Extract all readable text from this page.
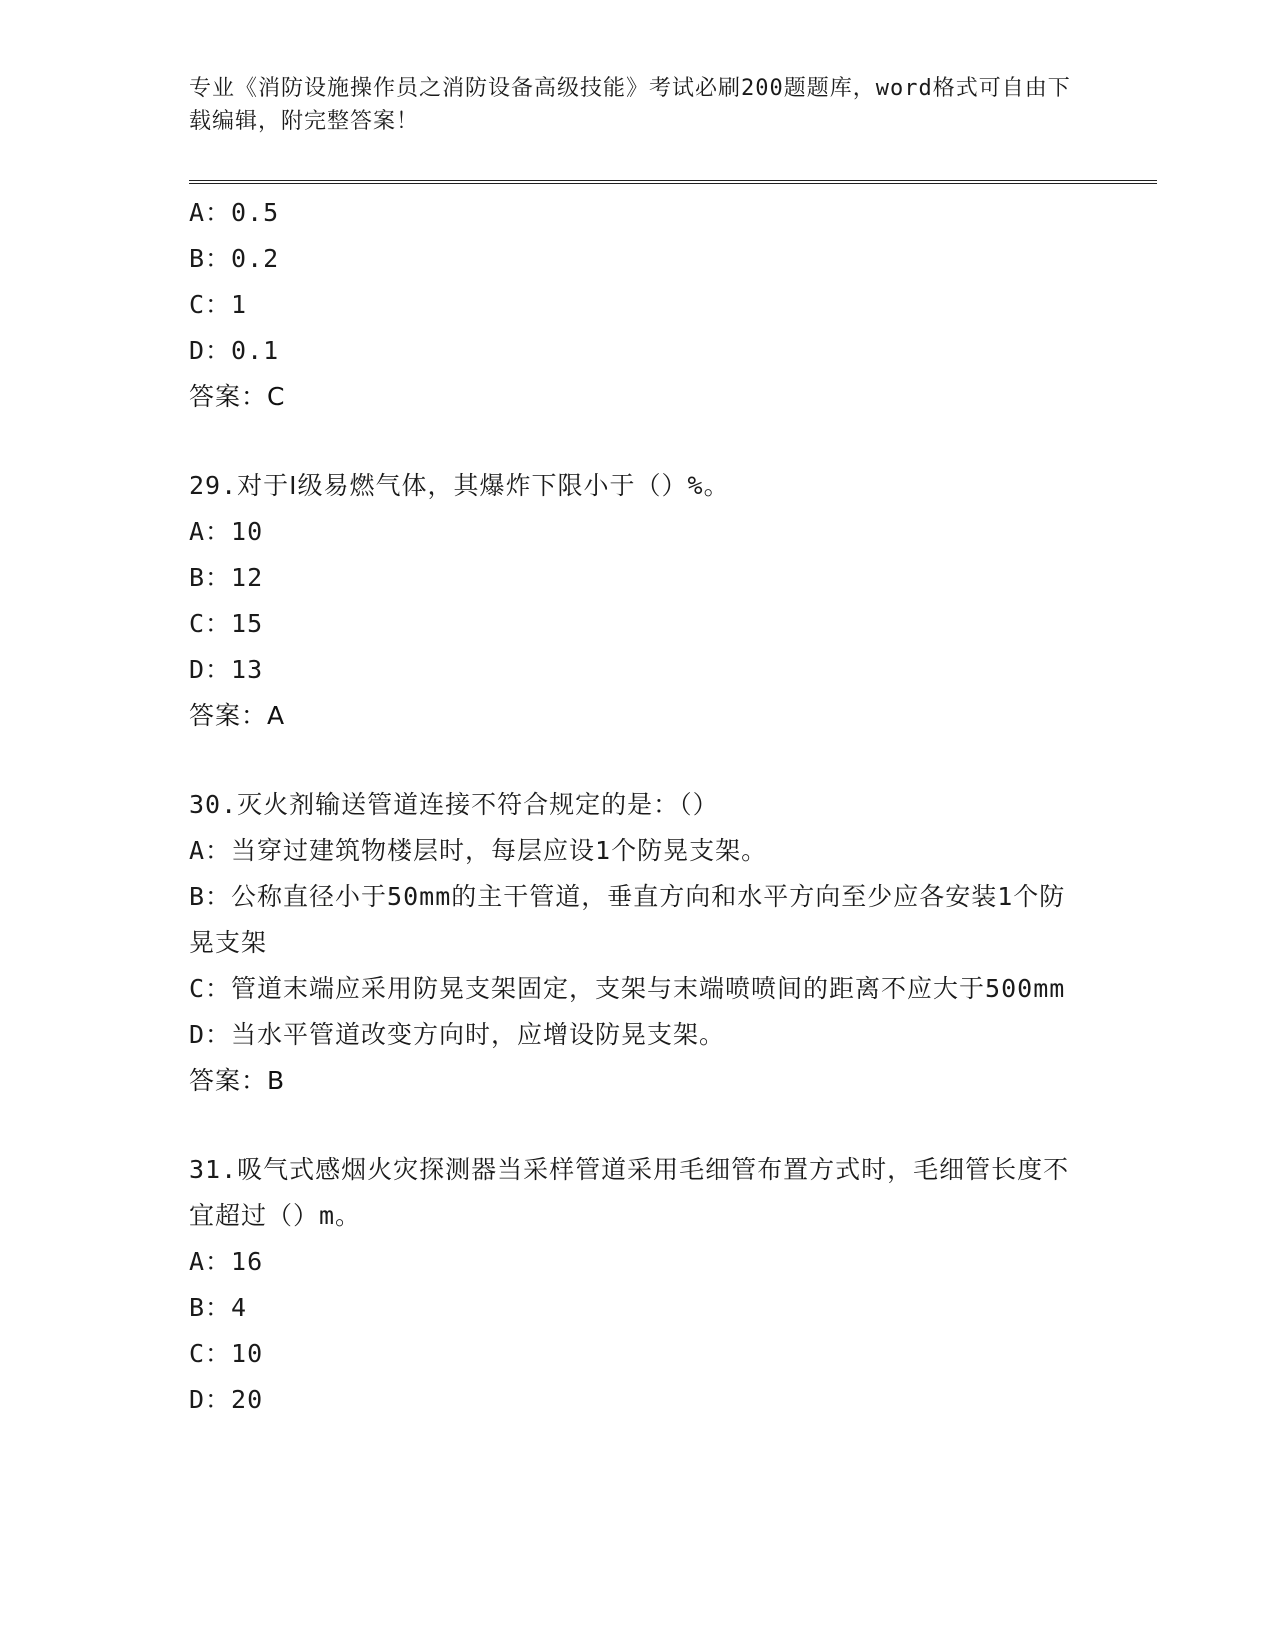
专业《消防设施操作员之消防设备高级技能》考试必刷200题题库，word格式可自由下载编辑，附完整答案！
A：0.5
B：0.2
C：1
D：0.1
答案：C
29.对于Ⅰ级易燃气体，其爆炸下限小于（）%。
A：10
B：12
C：15
D：13
答案：A
30.灭火剂输送管道连接不符合规定的是：（）
A：当穿过建筑物楼层时，每层应设1个防晃支架。
B：公称直径小于50mm的主干管道，垂直方向和水平方向至少应各安装1个防晃支架
C：管道末端应采用防晃支架固定，支架与末端喷喷间的距离不应大于500mm
D：当水平管道改变方向时，应增设防晃支架。
答案：B
31.吸气式感烟火灾探测器当采样管道采用毛细管布置方式时，毛细管长度不宜超过（）m。
A：16
B：4
C：10
D：20
